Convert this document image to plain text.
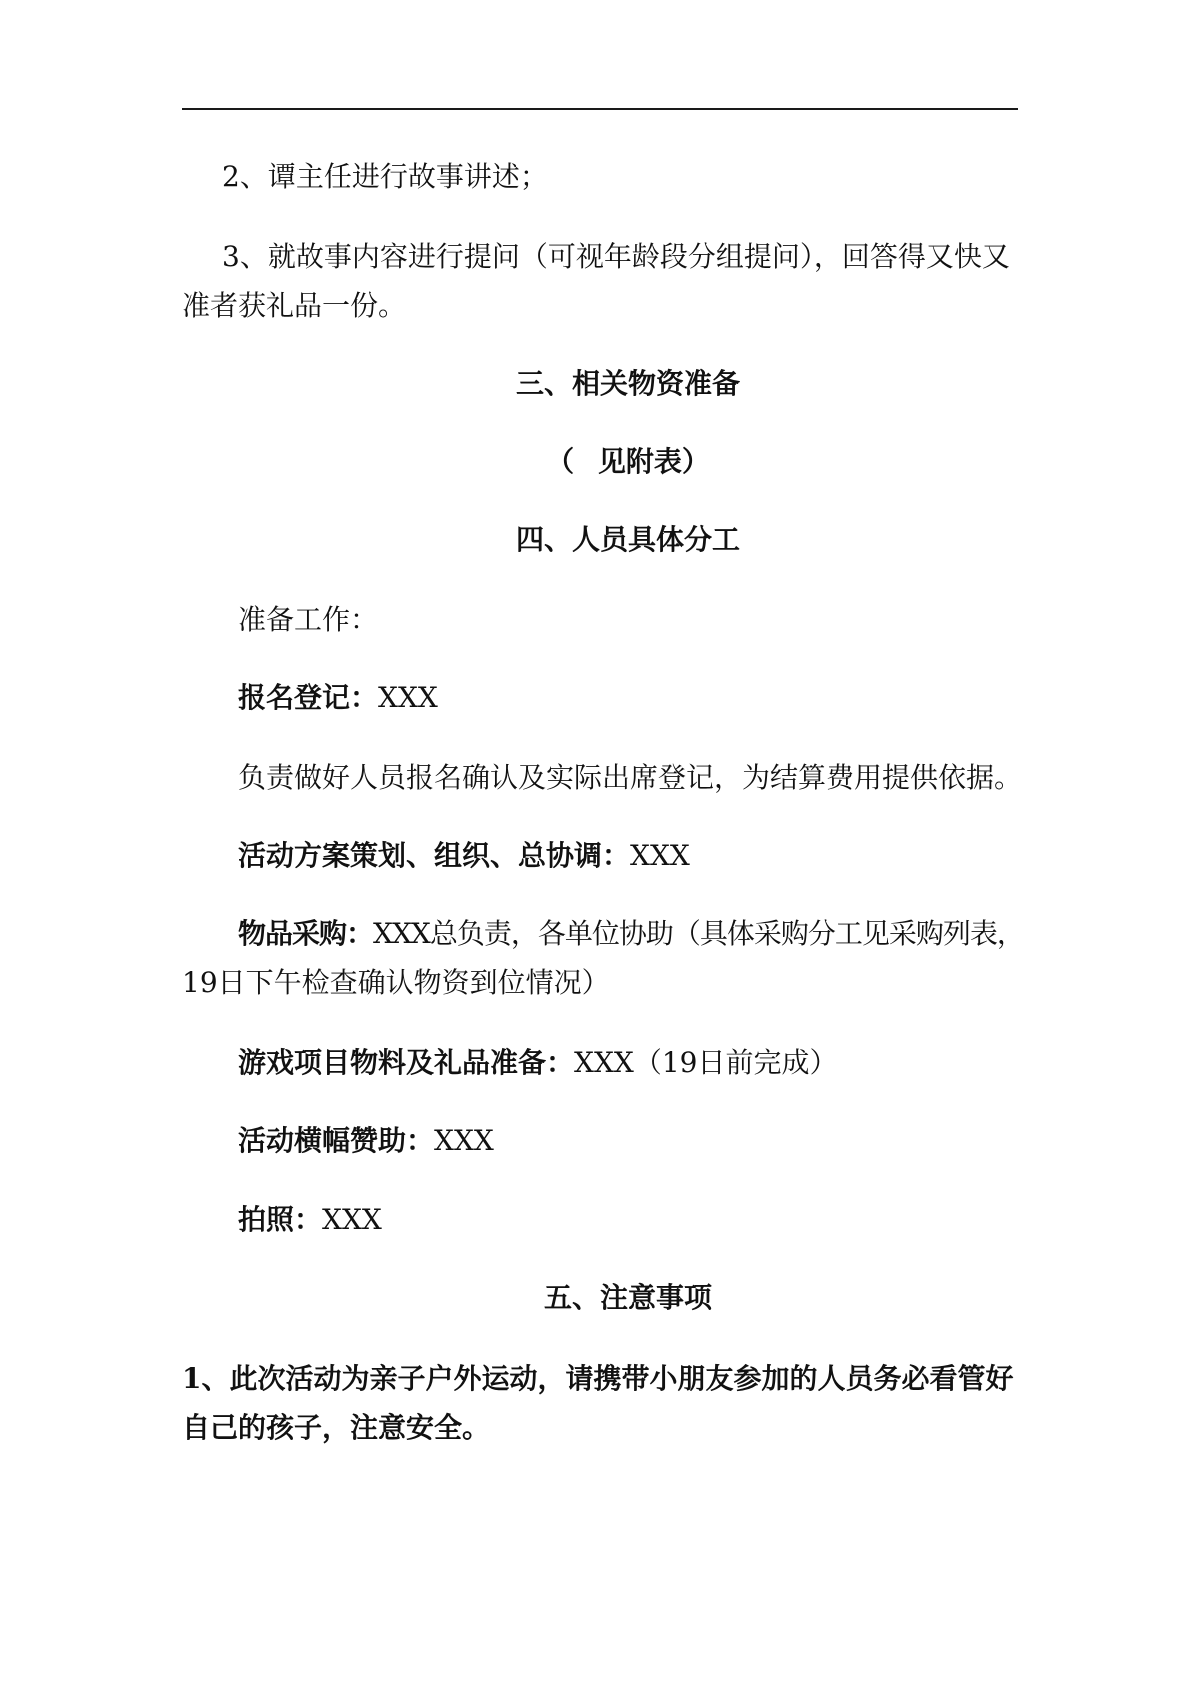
2、谭主任进行故事讲述；
3、就故事内容进行提问（可视年龄段分组提问），回答得又快又
准者获礼品一份。
三、相关物资准备
（ 见附表）
四、人员具体分工
准备工作：
报名登记：XXX
负责做好人员报名确认及实际出席登记，为结算费用提供依据。
活动方案策划、组织、总协调：XXX
物品采购：XXX总负责，各单位协助（具体采购分工见采购列表，
19日下午检查确认物资到位情况）
游戏项目物料及礼品准备：XXX（19日前完成）
活动横幅赞助：XXX
拍照：XXX
五、注意事项
1、此次活动为亲子户外运动，请携带小朋友参加的人员务必看管好
自己的孩子，注意安全。
